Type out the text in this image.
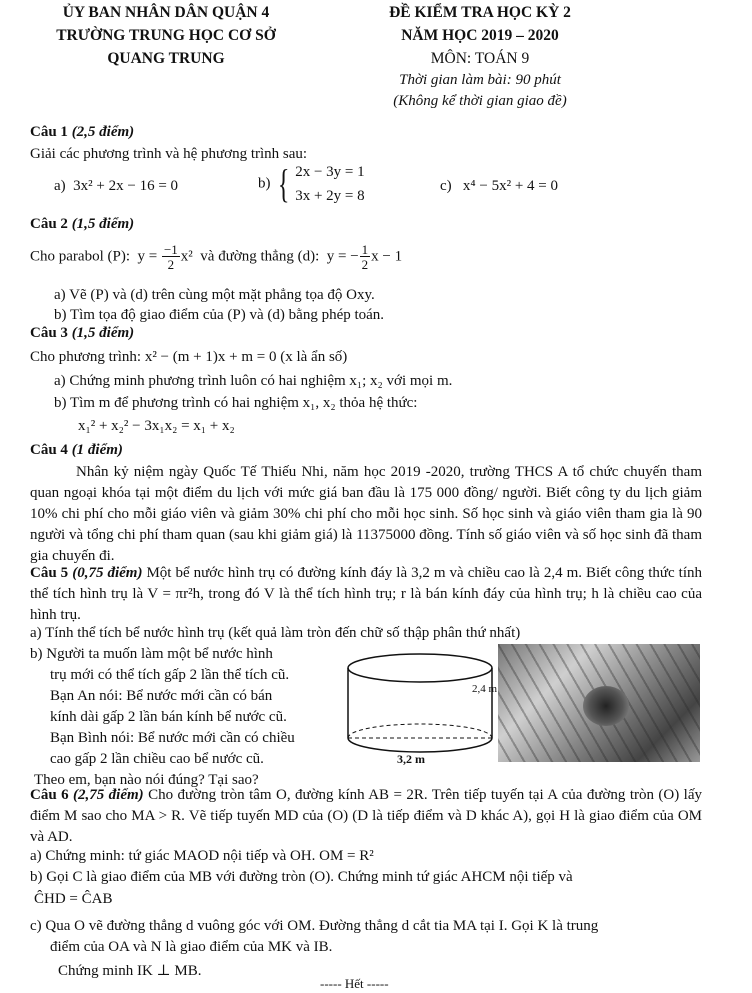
ỦY BAN NHÂN DÂN QUẬN 4
TRƯỜNG TRUNG HỌC CƠ SỞ
QUANG TRUNG
ĐỀ KIỂM TRA HỌC KỲ 2
NĂM HỌC 2019 – 2020
MÔN: TOÁN 9
Thời gian làm bài: 90 phút
(Không kể thời gian giao đề)
Câu 1 (2,5 điểm)
Giải các phương trình và hệ phương trình sau:
a) 3x² + 2x − 16 = 0	b) { 2x − 3y = 1
3x + 2y = 8
c) x⁴ − 5x² + 4 = 0
Câu 2 (1,5 điểm)
Cho parabol (P): $y = \frac{-1}{2} x^2$ và đường thẳng (d): y = − $\frac{1}{2}$ x − 1
a) Vẽ (P) và (d) trên cùng một mặt phẳng tọa độ Oxy.
b) Tìm tọa độ giao điểm của (P) và (d) bằng phép toán.
Câu 3 (1,5 điểm)
Cho phương trình: x² − (m + 1)x + m = 0 (x là ẩn số)
a) Chứng minh phương trình luôn có hai nghiệm x₁; x₂ với mọi m.
b) Tìm m để phương trình có hai nghiệm x₁, x₂ thỏa hệ thức:
x₁² + x₂² − 3x₁x₂ = x₁ + x₂
Câu 4 (1 điểm)
Nhân kỷ niệm ngày Quốc Tế Thiếu Nhi, năm học 2019 -2020, trường THCS A tổ chức chuyến tham quan ngoại khóa tại một điểm du lịch với mức giá ban đầu là 175 000 đồng/ người. Biết công ty du lịch giảm 10% chi phí cho mỗi giáo viên và giảm 30% chi phí cho mỗi học sinh. Số học sinh và giáo viên tham gia là 90 người và tổng chi phí tham quan (sau khi giảm giá) là 11375000 đồng. Tính số giáo viên và số học sinh đã tham gia chuyến đi.
Câu 5 (0,75 điểm) Một bể nước hình trụ có đường kính đáy là 3,2 m và chiều cao là 2,4 m. Biết công thức tính thể tích hình trụ là V = πr²h, trong đó V là thể tích hình trụ; r là bán kính đáy của hình trụ; h là chiều cao của hình trụ.
a) Tính thể tích bể nước hình trụ (kết quả làm tròn đến chữ số thập phân thứ nhất)
b) Người ta muốn làm một bể nước hình
trụ mới có thể tích gấp 2 lần thể tích cũ.
Bạn An nói: Bể nước mới cần có bán
kính dài gấp 2 lần bán kính bể nước cũ.
Bạn Bình nói: Bể nước mới cần có chiều
cao gấp 2 lần chiều cao bể nước cũ.
Theo em, bạn nào nói đúng? Tại sao?
2,4 m
3,2 m
Câu 6 (2,75 điểm) Cho đường tròn tâm O, đường kính AB = 2R. Trên tiếp tuyến tại A của đường tròn (O) lấy điểm M sao cho MA > R. Vẽ tiếp tuyến MD của (O) (D là tiếp điểm và D khác A), gọi H là giao điểm của OM và AD.
a) Chứng minh: tứ giác MAOD nội tiếp và OH. OM = R²
b) Gọi C là giao điểm của MB với đường tròn (O). Chứng minh tứ giác AHCM nội tiếp và
ĈHD = ĈAB
c) Qua O vẽ đường thẳng d vuông góc với OM. Đường thẳng d cắt tia MA tại I. Gọi K là trung
điểm của OA và N là giao điểm của MK và IB.
Chứng minh IK ⊥ MB.
----- Hết -----
